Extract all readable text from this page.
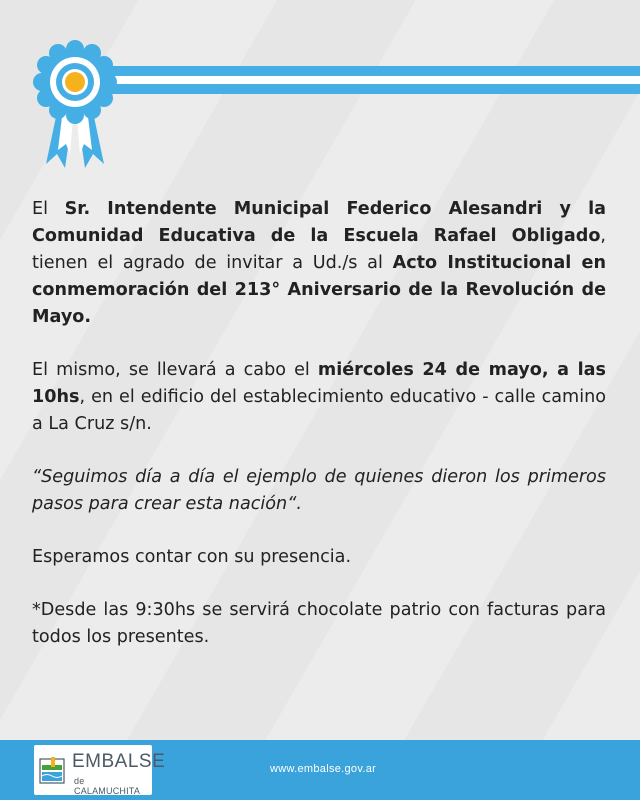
El Sr. Intendente Municipal Federico Alesandri y la Comunidad Educativa de la Escuela Rafael Obligado, tienen el agrado de invitar a Ud./s al Acto Institucional en conmemoración del 213° Aniversario de la Revolución de Mayo.

El mismo, se llevará a cabo el miércoles 24 de mayo, a las 10hs, en el edificio del establecimiento educativo - calle camino a La Cruz s/n.

“Seguimos día a día el ejemplo de quienes dieron los primeros pasos para crear esta nación“.

Esperamos contar con su presencia.

*Desde las 9:30hs se servirá chocolate patrio con facturas para todos los presentes.

EMBALSE
de CALAMUCHITA
www.embalse.gov.ar
